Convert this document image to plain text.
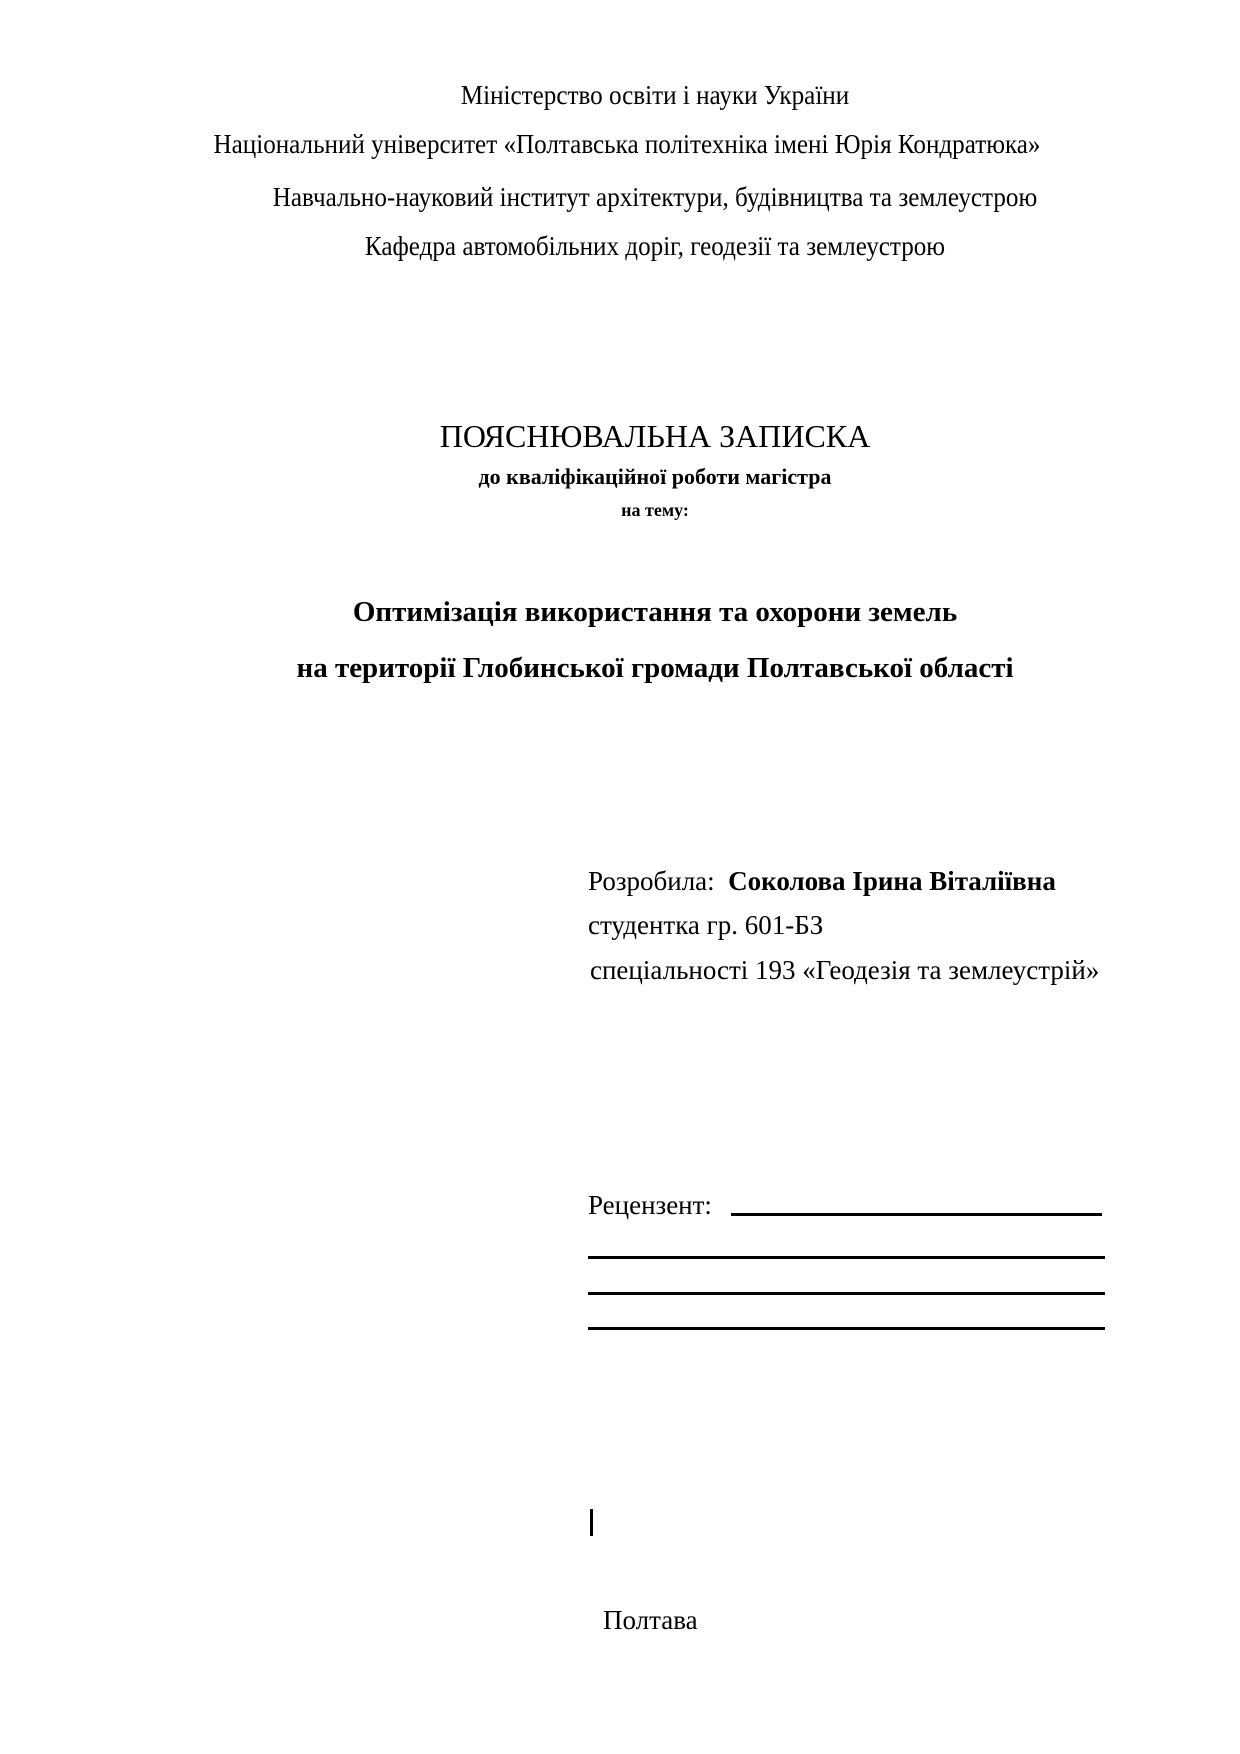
Міністерство освіти і науки України
Національний університет «Полтавська політехніка імені Юрія Кондратюка»
Навчально-науковий інститут архітектури, будівництва та землеустрою
Кафедра автомобільних доріг, геодезії та землеустрою
ПОЯСНЮВАЛЬНА ЗАПИСКА
до кваліфікаційної роботи магістра
на тему:
Оптимізація використання та охорони земель
на території Глобинської громади Полтавської області
Розробила: Соколова Ірина Віталіївна
студентка гр. 601-БЗ
спеціальності 193 «Геодезія та землеустрій»
Рецензент:
Полтава
